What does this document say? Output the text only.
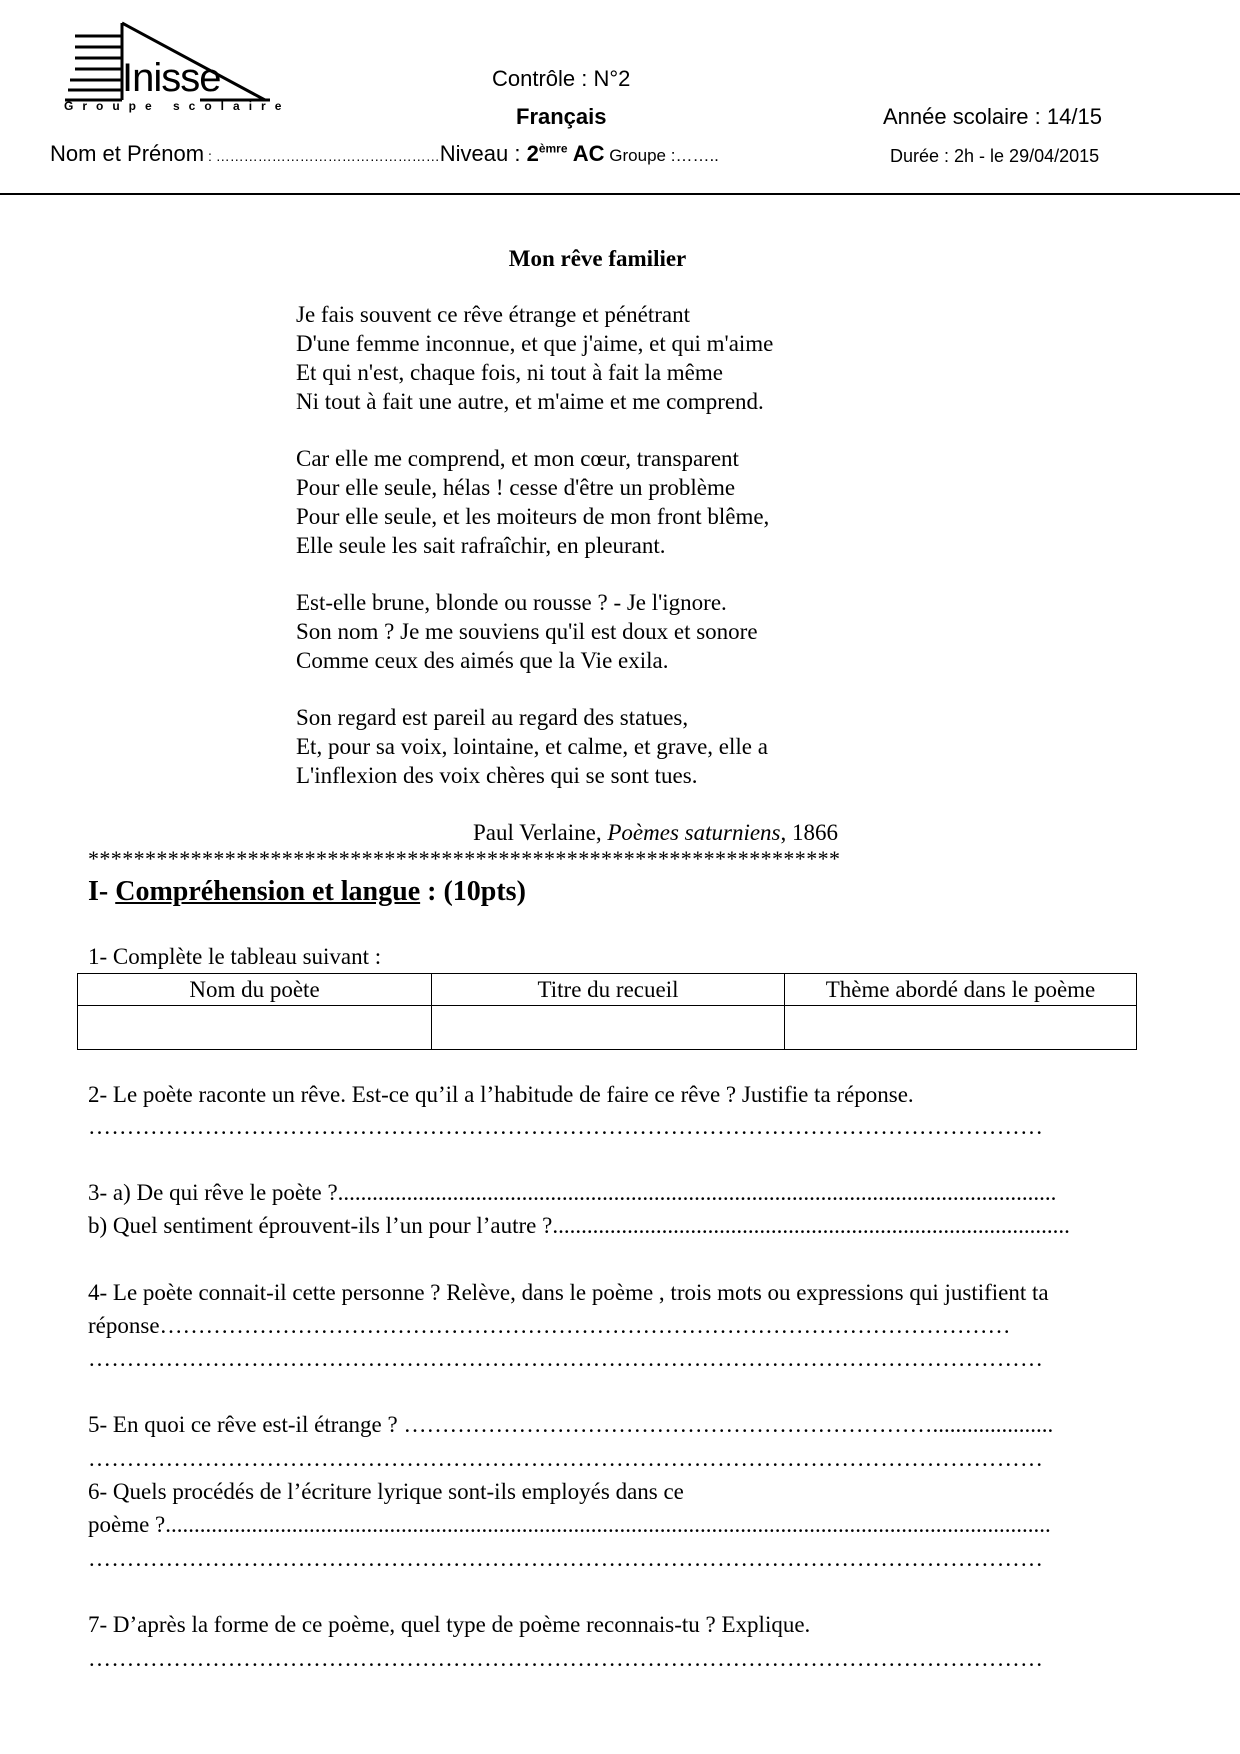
Inisse
Groupe scolaire
Contrôle : N°2
Français	Année scolaire : 14/15
Nom et Prénom : …………………………………………Niveau : $2^{èmre}$ AC Groupe :……..	Durée : 2h - le 29/04/2015
Mon rêve familier
Je fais souvent ce rêve étrange et pénétrant
D'une femme inconnue, et que j'aime, et qui m'aime
Et qui n'est, chaque fois, ni tout à fait la même
Ni tout à fait une autre, et m'aime et me comprend.
Car elle me comprend, et mon cœur, transparent
Pour elle seule, hélas ! cesse d'être un problème
Pour elle seule, et les moiteurs de mon front blême,
Elle seule les sait rafraîchir, en pleurant.
Est-elle brune, blonde ou rousse ? - Je l'ignore.
Son nom ? Je me souviens qu'il est doux et sonore
Comme ceux des aimés que la Vie exila.
Son regard est pareil au regard des statues,
Et, pour sa voix, lointaine, et calme, et grave, elle a
L'inflexion des voix chères qui se sont tues.
Paul Verlaine, Poèmes saturniens, 1866
******************************************************************
I- Compréhension et langue : (10pts)
1- Complète le tableau suivant :
Nom du poète	Titre du recueil	Thème abordé dans le poème

2- Le poète raconte un rêve. Est-ce qu’il a l’habitude de faire ce rêve ? Justifie ta réponse.
……………………………………………………………………………………………………………
3- a) De qui rêve le poète ?.............................................................................................................................
b) Quel sentiment éprouvent-ils l’un pour l’autre ?..........................................................................................
4- Le poète connait-il cette personne ? Relève, dans le poème , trois mots ou expressions qui justifient ta
réponse…………………………………………………………………………………………………
……………………………………………………………………………………………………………
5- En quoi ce rêve est-il étrange ? …………………………………………………………….....................
……………………………………………………………………………………………………………
6- Quels procédés de l’écriture lyrique sont-ils employés dans ce
poème ?..........................................................................................................................................................
……………………………………………………………………………………………………………
7- D’après la forme de ce poème, quel type de poème reconnais-tu ? Explique.
……………………………………………………………………………………………………………
